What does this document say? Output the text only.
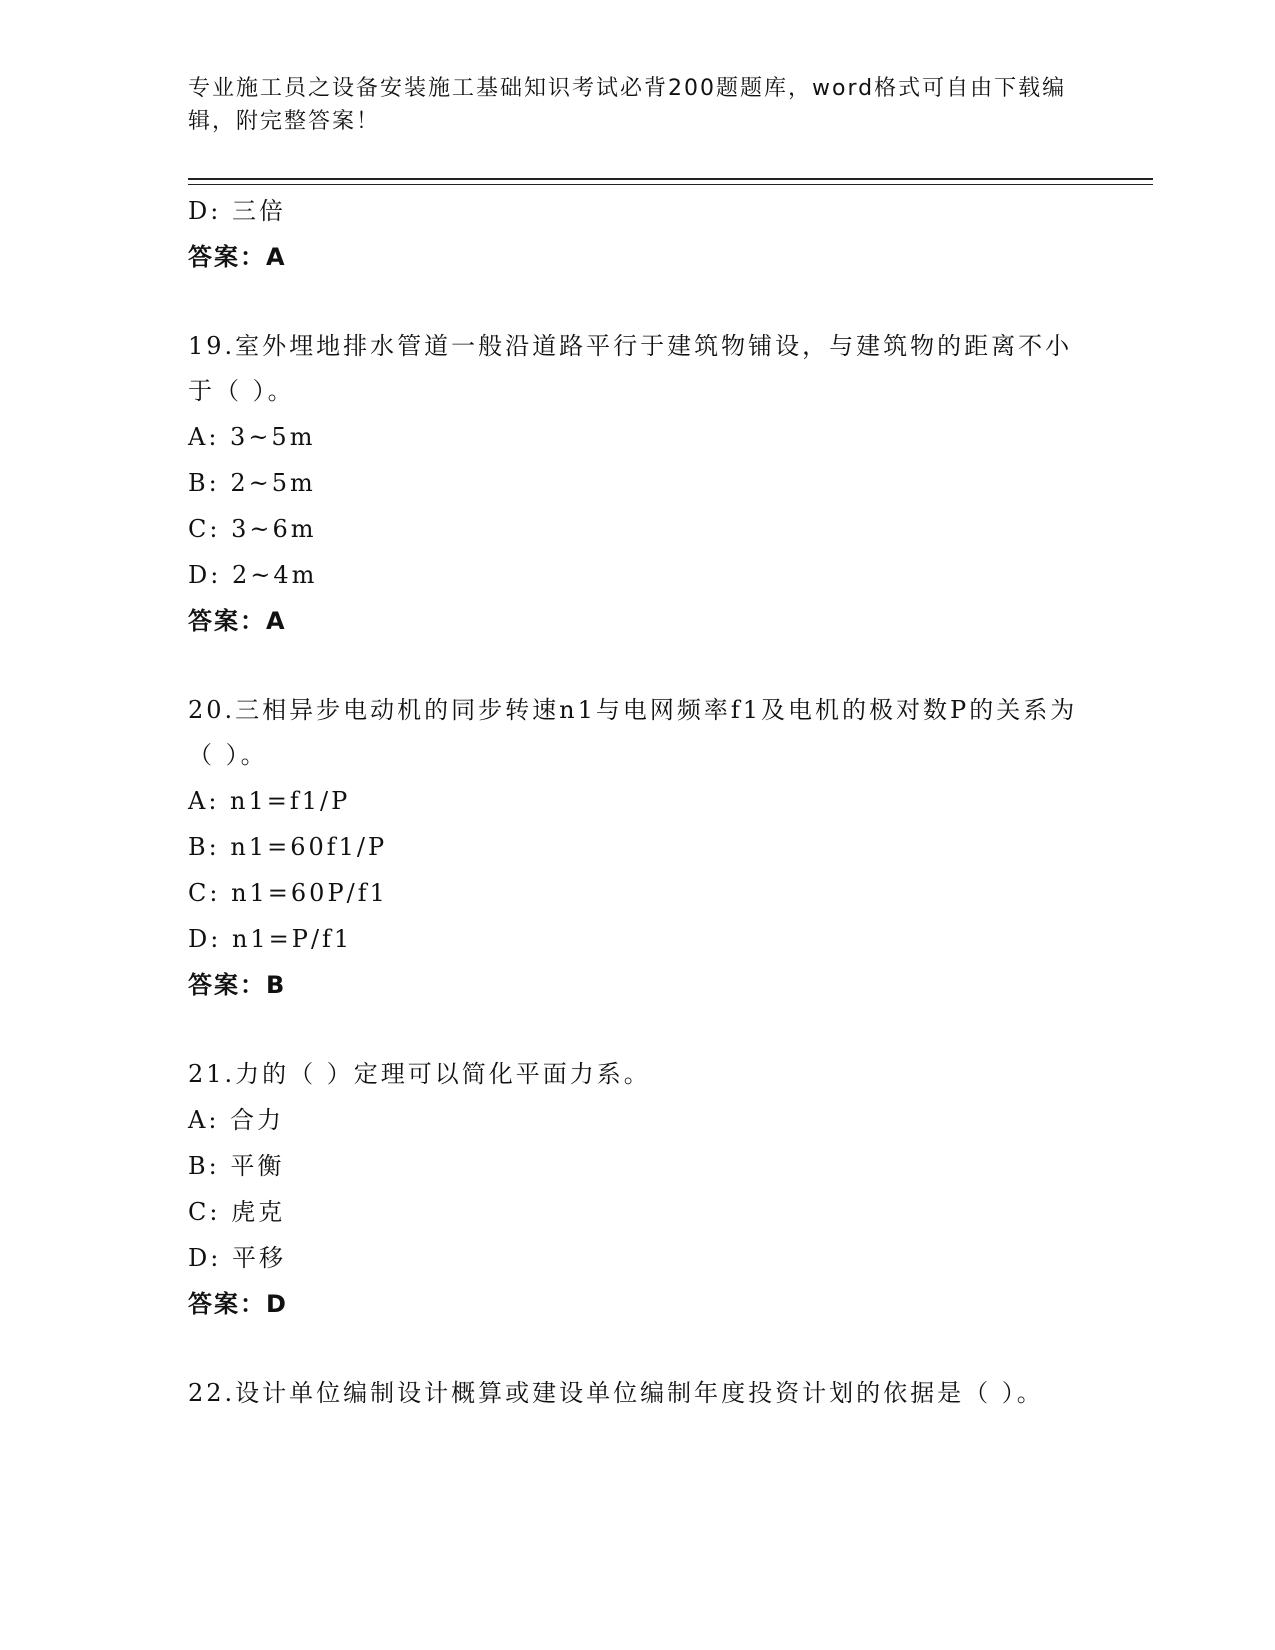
专业施工员之设备安装施工基础知识考试必背200题题库，word格式可自由下载编辑，附完整答案！
D: 三倍
答案：A
19.室外埋地排水管道一般沿道路平行于建筑物铺设，与建筑物的距离不小于（ ）。
A: 3~5m
B: 2~5m
C: 3~6m
D: 2~4m
答案：A
20.三相异步电动机的同步转速n1与电网频率f1及电机的极对数P的关系为（ ）。
A: n1=f1/P
B: n1=60f1/P
C: n1=60P/f1
D: n1=P/f1
答案：B
21.力的（ ）定理可以简化平面力系。
A: 合力
B: 平衡
C: 虎克
D: 平移
答案：D
22.设计单位编制设计概算或建设单位编制年度投资计划的依据是（ ）。
